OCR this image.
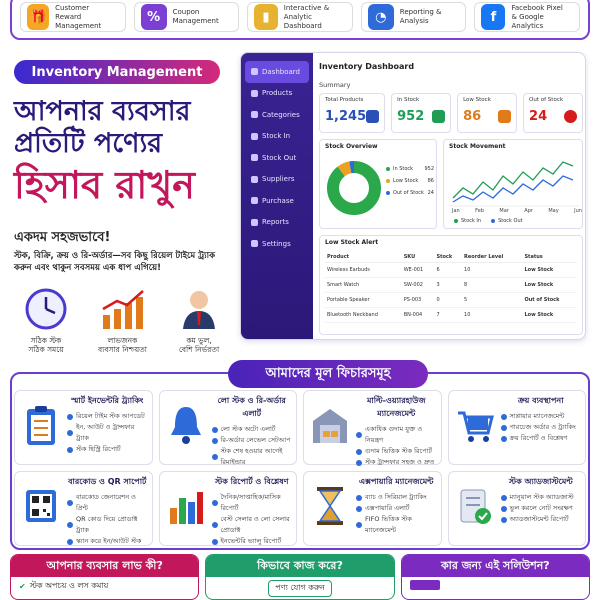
🎁
Customer
Reward Management
%	Coupon
Management	▮
Interactive &
Analytic Dashboard
◔	Reporting &
Analysis	f
Facebook Pixel
& Google Analytics
Inventory Management
আপনার ব্যবসার প্রতিটি পণ্যের
হিসাব রাখুন
একদম সহজভাবে!
স্টক, বিক্রি, ক্রয় ও রি-অর্ডার—সব কিছু রিয়েল টাইমে ট্র্যাক করুন এবং থাকুন সবসময় এক ধাপ এগিয়ে!
সঠিক স্টক
সঠিক সময়ে
লাভজনক
ব্যবসার নিশ্চয়তা
কম ভুল,
বেশি নির্ভরতা
Dashboard
Products
Categories
Stock In
Stock Out
Suppliers
Purchase
Reports
Settings
Inventory Dashboard
Summary
Total Products
1,245
In Stock
952
Low Stock
86
Out of Stock
24
Stock Overview
In Stock 952
Low Stock 86
Out of Stock 24
Stock Movement
Jan	Feb	Mar	Apr	May	Jun
Stock In	Stock Out
Low Stock Alert
Product	SKU	Stock	Reorder Level	Status
Wireless Earbuds	WE-001	6	10	Low Stock
Smart Watch	SW-002	3	8	Low Stock
Portable Speaker	PS-003	0	5	Out of Stock
Bluetooth Neckband	BN-004	7	10	Low Stock
আমাদের মূল ফিচারসমূহ
স্মার্ট ইনভেন্টরি ট্র্যাকিং
রিয়েল টাইম স্টক আপডেট
ইন, আউট ও ট্রান্সফার ট্র্যাক
স্টক হিস্ট্রি রিপোর্ট
লো স্টক ও রি-অর্ডার এলার্ট
লো স্টক অটো এলার্ট
রি-অর্ডার লেভেল সেটআপ
স্টক শেষ হওয়ার আগেই রিমাইন্ডার
মাল্টি-ওয়্যারহাউজ ম্যানেজমেন্ট
একাধিক গুদাম যুক্ত ও নিয়ন্ত্রণ
গুদাম ভিত্তিক স্টক রিপোর্ট
স্টক ট্রান্সফার সহজ ও দ্রুত
ক্রয় ব্যবস্থাপনা
সাপ্লায়ার ম্যানেজমেন্ট
পারচেজ অর্ডার ও ট্র্যাকিং
ক্রয় রিপোর্ট ও বিশ্লেষণ
বারকোড ও QR সাপোর্ট
বারকোড জেনারেশন ও প্রিন্ট
QR কোড দিয়ে প্রোডাক্ট ট্র্যাক
স্ক্যান করে ইন/আউট স্টক
স্টক রিপোর্ট ও বিশ্লেষণ
দৈনিক/সাপ্তাহিক/মাসিক রিপোর্ট
বেস্ট সেলার ও লো সেলার প্রোডাক্ট
ইনভেন্টরি ভ্যালু রিপোর্ট
এক্সপায়ারি ম্যানেজমেন্ট
ব্যাচ ও সিরিয়াল ট্র্যাকিং
এক্সপায়ারি এলার্ট
FIFO ভিত্তিক স্টক ম্যানেজমেন্ট
স্টক অ্যাডজাস্টমেন্ট
ম্যানুয়াল স্টক অ্যাডজাস্ট
ভুল করলে নোট সংরক্ষণ
অ্যাডজাস্টমেন্ট রিপোর্ট
আপনার ব্যবসার লাভ কী?
✔ স্টক অপচয় ও লস কমায়
কিভাবে কাজ করে?
পণ্য যোগ করুন
কার জন্য এই সলিউশন?
